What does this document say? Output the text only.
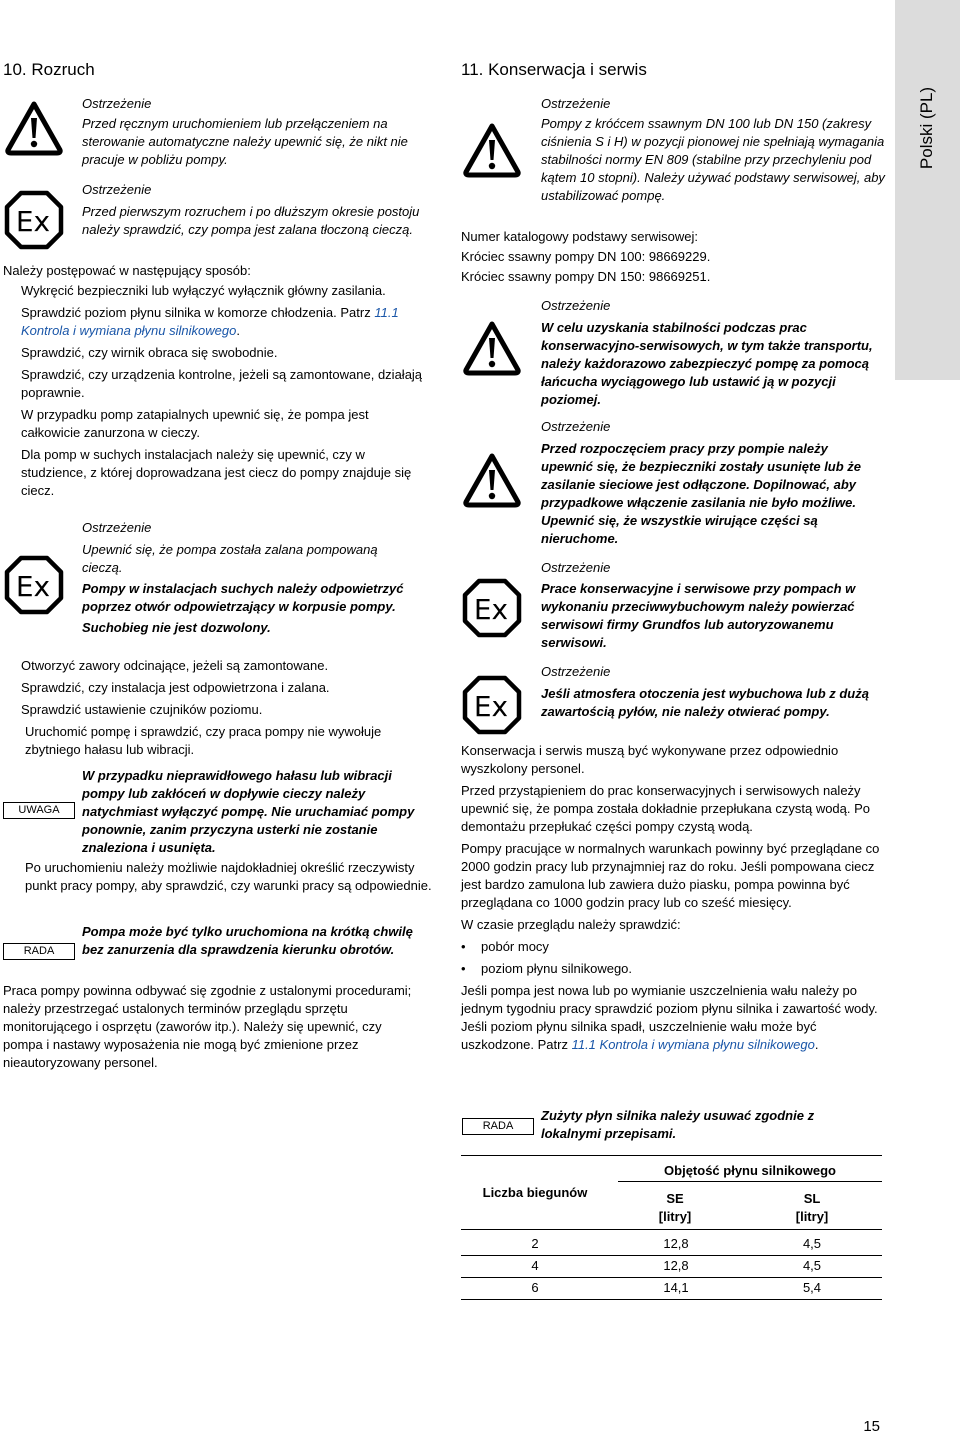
Polski (PL)
10. Rozruch
Ostrzeżenie
Przed ręcznym uruchomieniem lub przełączeniem na sterowanie automatyczne należy upewnić się, że nikt nie pracuje w pobliżu pompy.
Ex
Ostrzeżenie
Przed pierwszym rozruchem i po dłuższym okresie postoju należy sprawdzić, czy pompa jest zalana tłoczoną cieczą.
Należy postępować w następujący sposób:
Wykręcić bezpieczniki lub wyłączyć wyłącznik główny zasilania.
Sprawdzić poziom płynu silnika w komorze chłodzenia. Patrz 11.1 Kontrola i wymiana płynu silnikowego.
Sprawdzić, czy wirnik obraca się swobodnie.
Sprawdzić, czy urządzenia kontrolne, jeżeli są zamontowane, działają poprawnie.
W przypadku pomp zatapialnych upewnić się, że pompa jest całkowicie zanurzona w cieczy.
Dla pomp w suchych instalacjach należy się upewnić, czy w studzience, z której doprowadzana jest ciecz do pompy znajduje się ciecz.
Ex
Ostrzeżenie
Upewnić się, że pompa została zalana pompowaną cieczą.
Pompy w instalacjach suchych należy odpowietrzyć poprzez otwór odpowietrzający w korpusie pompy.
Suchobieg nie jest dozwolony.
Otworzyć zawory odcinające, jeżeli są zamontowane.
Sprawdzić, czy instalacja jest odpowietrzona i zalana.
Sprawdzić ustawienie czujników poziomu.
Uruchomić pompę i sprawdzić, czy praca pompy nie wywołuje zbytniego hałasu lub wibracji.
UWAGA
W przypadku nieprawidłowego hałasu lub wibracji pompy lub zakłóceń w dopływie cieczy należy natychmiast wyłączyć pompę. Nie uruchamiać pompy ponownie, zanim przyczyna usterki nie zostanie znaleziona i usunięta.
Po uruchomieniu należy możliwie najdokładniej określić rzeczywisty punkt pracy pompy, aby sprawdzić, czy warunki pracy są odpowiednie.
RADA
Pompa może być tylko uruchomiona na krótką chwilę bez zanurzenia dla sprawdzenia kierunku obrotów.
Praca pompy powinna odbywać się zgodnie z ustalonymi procedurami; należy przestrzegać ustalonych terminów przeglądu sprzętu monitorującego i osprzętu (zaworów itp.). Należy się upewnić, czy pompa i nastawy wyposażenia nie mogą być zmienione przez nieautoryzowany personel.
11. Konserwacja i serwis
Ostrzeżenie
Pompy z króćcem ssawnym DN 100 lub DN 150 (zakresy ciśnienia S i H) w pozycji pionowej nie spełniają wymagania stabilności normy EN 809 (stabilne przy przechyleniu pod kątem 10 stopni). Należy używać podstawy serwisowej, aby ustabilizować pompę.
Numer katalogowy podstawy serwisowej:
Króciec ssawny pompy DN 100: 98669229.
Króciec ssawny pompy DN 150: 98669251.
Ostrzeżenie
W celu uzyskania stabilności podczas prac konserwacyjno-serwisowych, w tym także transportu, należy każdorazowo zabezpieczyć pompę za pomocą łańcucha wyciągowego lub ustawić ją w pozycji poziomej.
Ostrzeżenie
Przed rozpoczęciem pracy przy pompie należy upewnić się, że bezpieczniki zostały usunięte lub że zasilanie sieciowe jest odłączone. Dopilnować, aby przypadkowe włączenie zasilania nie było możliwe. Upewnić się, że wszystkie wirujące części są nieruchome.
Ex
Ostrzeżenie
Prace konserwacyjne i serwisowe przy pompach w wykonaniu przeciwwybuchowym należy powierzać serwisowi firmy Grundfos lub autoryzowanemu serwisowi.
Ex
Ostrzeżenie
Jeśli atmosfera otoczenia jest wybuchowa lub z dużą zawartością pyłów, nie należy otwierać pompy.
Konserwacja i serwis muszą być wykonywane przez odpowiednio wyszkolony personel.
Przed przystąpieniem do prac konserwacyjnych i serwisowych należy upewnić się, że pompa została dokładnie przepłukana czystą wodą. Po demontażu przepłukać części pompy czystą wodą.
Pompy pracujące w normalnych warunkach powinny być przeglądane co 2000 godzin pracy lub przynajmniej raz do roku. Jeśli pompowana ciecz jest bardzo zamulona lub zawiera dużo piasku, pompa powinna być przeglądana co 1000 godzin pracy lub co sześć miesięcy.
W czasie przeglądu należy sprawdzić:
• pobór mocy
• poziom płynu silnikowego.
Jeśli pompa jest nowa lub po wymianie uszczelnienia wału należy po jednym tygodniu pracy sprawdzić poziom płynu silnika i zawartość wody. Jeśli poziom płynu silnika spadł, uszczelnienie wału może być uszkodzone. Patrz 11.1 Kontrola i wymiana płynu silnikowego.
RADA
Zużyty płyn silnika należy usuwać zgodnie z lokalnymi przepisami.
Liczba biegunów
Objętość płynu silnikowego
SE
[litry]
SL
[litry]
2	12,8	4,5
4	12,8	4,5
6	14,1	5,4
15
